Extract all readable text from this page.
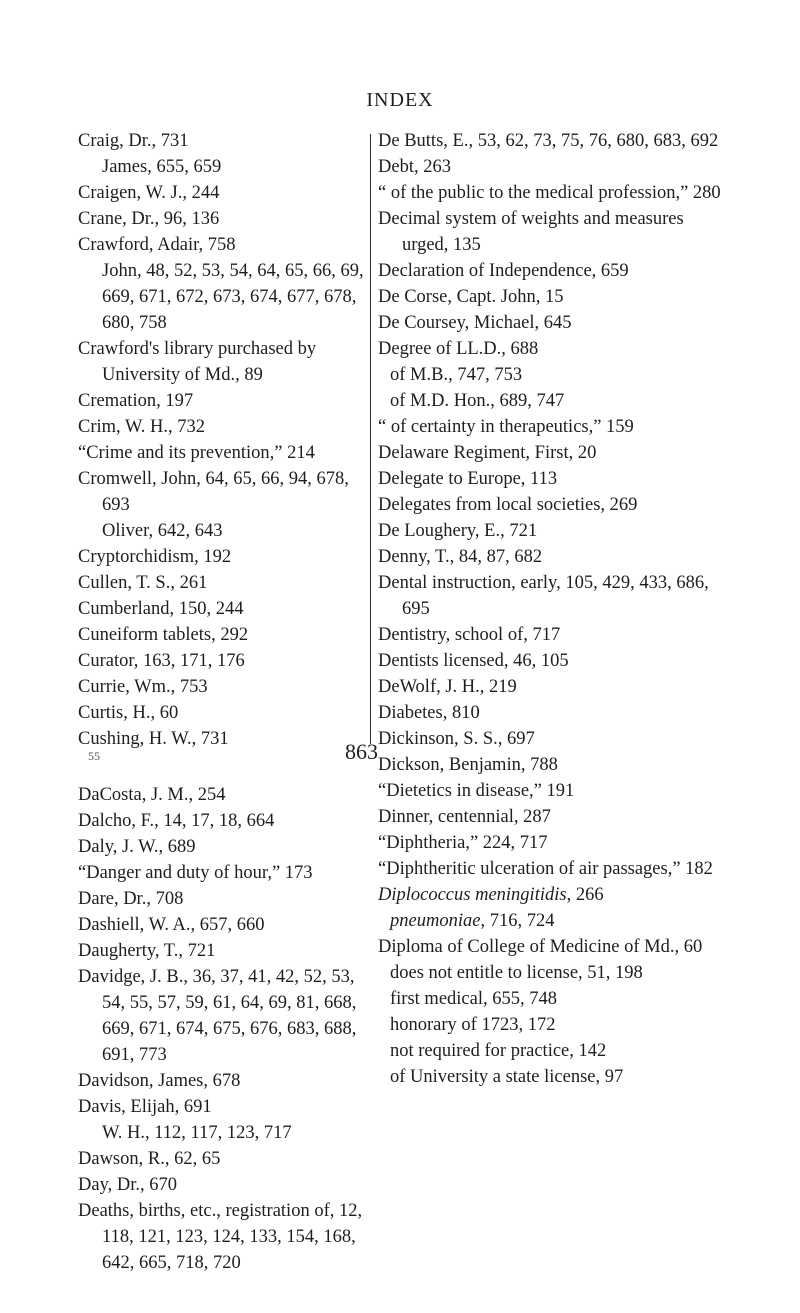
INDEX
Craig, Dr., 731
James, 655, 659
Craigen, W. J., 244
Crane, Dr., 96, 136
Crawford, Adair, 758
John, 48, 52, 53, 54, 64, 65, 66, 69, 669, 671, 672, 673, 674, 677, 678, 680, 758
Crawford's library purchased by University of Md., 89
Cremation, 197
Crim, W. H., 732
“Crime and its prevention,” 214
Cromwell, John, 64, 65, 66, 94, 678, 693
Oliver, 642, 643
Cryptorchidism, 192
Cullen, T. S., 261
Cumberland, 150, 244
Cuneiform tablets, 292
Curator, 163, 171, 176
Currie, Wm., 753
Curtis, H., 60
Cushing, H. W., 731
DaCosta, J. M., 254
Dalcho, F., 14, 17, 18, 664
Daly, J. W., 689
“Danger and duty of hour,” 173
Dare, Dr., 708
Dashiell, W. A., 657, 660
Daugherty, T., 721
Davidge, J. B., 36, 37, 41, 42, 52, 53, 54, 55, 57, 59, 61, 64, 69, 81, 668, 669, 671, 674, 675, 676, 683, 688, 691, 773
Davidson, James, 678
Davis, Elijah, 691
W. H., 112, 117, 123, 717
Dawson, R., 62, 65
Day, Dr., 670
Deaths, births, etc., registration of, 12, 118, 121, 123, 124, 133, 154, 168, 642, 665, 718, 720
De Butts, E., 53, 62, 73, 75, 76, 680, 683, 692
Debt, 263
“ of the public to the medical profession,” 280
Decimal system of weights and measures urged, 135
Declaration of Independence, 659
De Corse, Capt. John, 15
De Coursey, Michael, 645
Degree of LL.D., 688
of M.B., 747, 753
of M.D. Hon., 689, 747
“ of certainty in therapeutics,” 159
Delaware Regiment, First, 20
Delegate to Europe, 113
Delegates from local societies, 269
De Loughery, E., 721
Denny, T., 84, 87, 682
Dental instruction, early, 105, 429, 433, 686, 695
Dentistry, school of, 717
Dentists licensed, 46, 105
DeWolf, J. H., 219
Diabetes, 810
Dickinson, S. S., 697
Dickson, Benjamin, 788
“Dietetics in disease,” 191
Dinner, centennial, 287
“Diphtheria,” 224, 717
“Diphtheritic ulceration of air passages,” 182
Diplococcus meningitidis, 266
pneumoniae, 716, 724
Diploma of College of Medicine of Md., 60
does not entitle to license, 51, 198
first medical, 655, 748
honorary of 1723, 172
not required for practice, 142
of University a state license, 97
55	863
